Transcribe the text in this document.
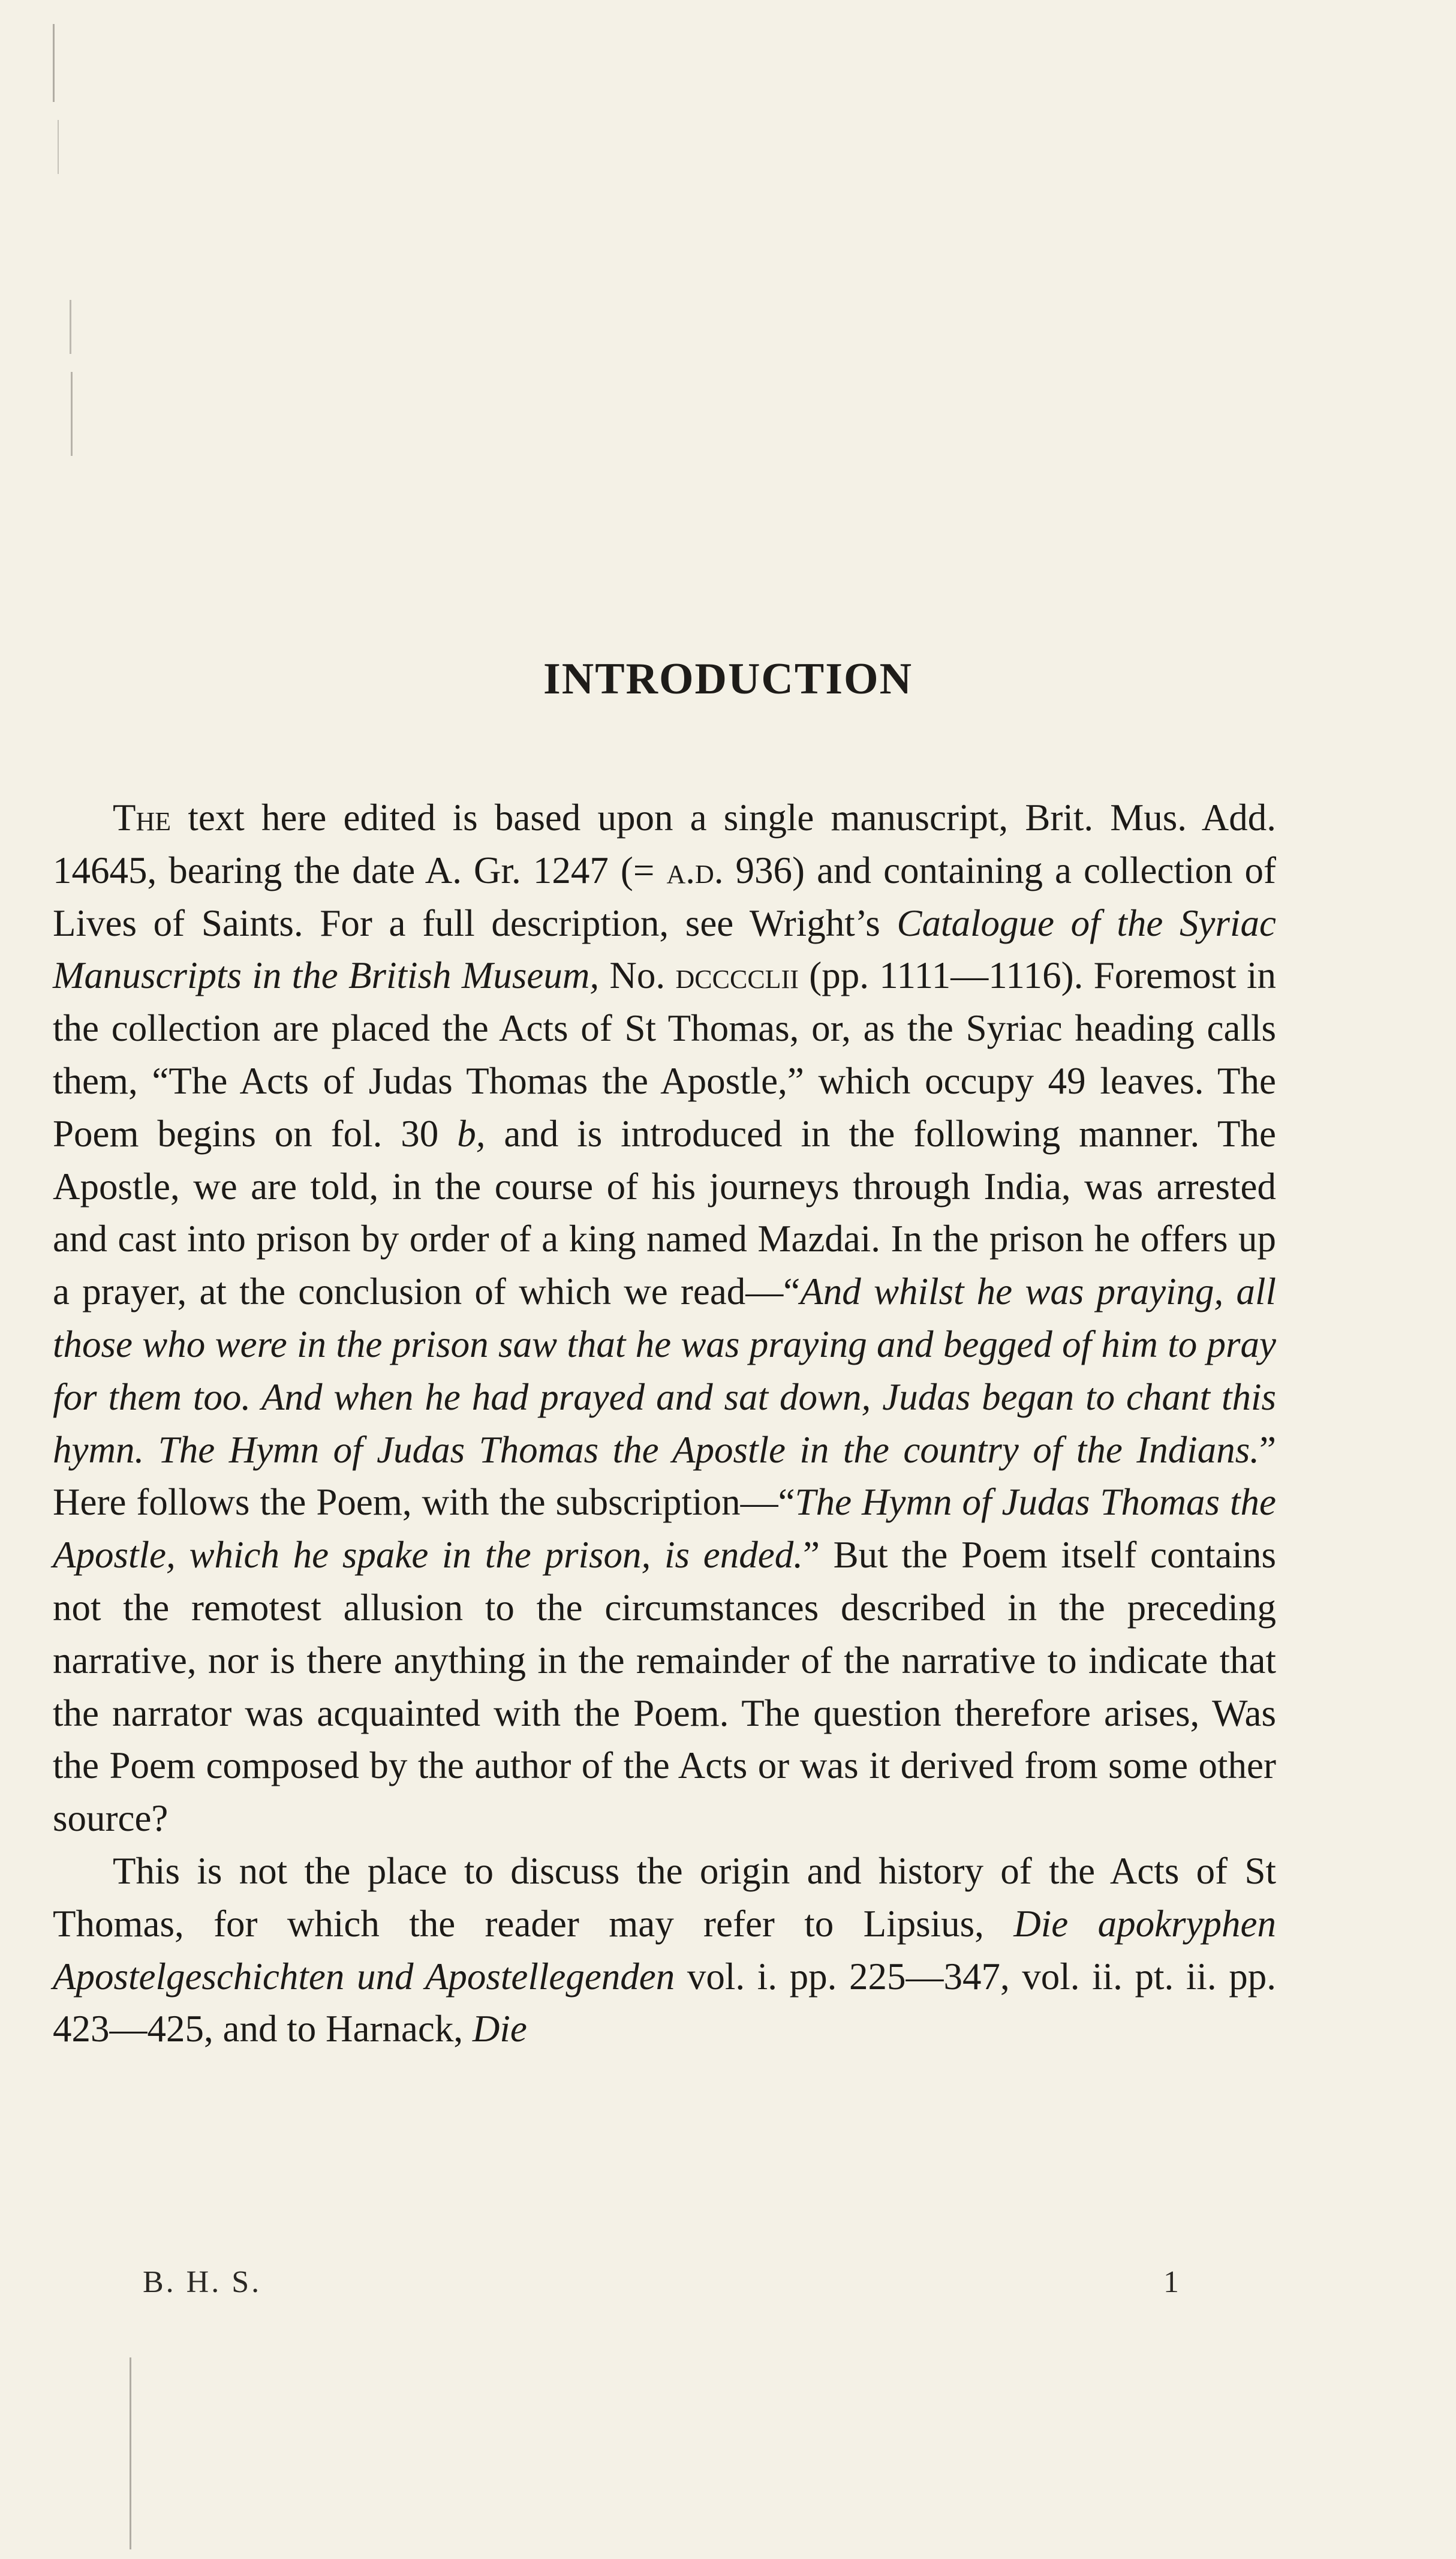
INTRODUCTION

The text here edited is based upon a single manuscript, Brit. Mus. Add. 14645, bearing the date A. Gr. 1247 (= a.d. 936) and containing a collection of Lives of Saints. For a full description, see Wright’s Catalogue of the Syriac Manuscripts in the British Museum, No. dcccclii (pp. 1111—1116). Foremost in the collection are placed the Acts of St Thomas, or, as the Syriac heading calls them, “The Acts of Judas Thomas the Apostle,” which occupy 49 leaves. The Poem begins on fol. 30 b, and is introduced in the following manner. The Apostle, we are told, in the course of his journeys through India, was arrested and cast into prison by order of a king named Mazdai. In the prison he offers up a prayer, at the conclusion of which we read—“And whilst he was praying, all those who were in the prison saw that he was praying and begged of him to pray for them too. And when he had prayed and sat down, Judas began to chant this hymn. The Hymn of Judas Thomas the Apostle in the country of the Indians.” Here follows the Poem, with the subscription—“The Hymn of Judas Thomas the Apostle, which he spake in the prison, is ended.” But the Poem itself contains not the remotest allusion to the circumstances described in the preceding narrative, nor is there anything in the remainder of the narrative to indicate that the narrator was acquainted with the Poem. The question therefore arises, Was the Poem composed by the author of the Acts or was it derived from some other source?

This is not the place to discuss the origin and history of the Acts of St Thomas, for which the reader may refer to Lipsius, Die apokryphen Apostelgeschichten und Apostellegenden vol. i. pp. 225—347, vol. ii. pt. ii. pp. 423—425, and to Harnack, Die

B. H. S.	1
